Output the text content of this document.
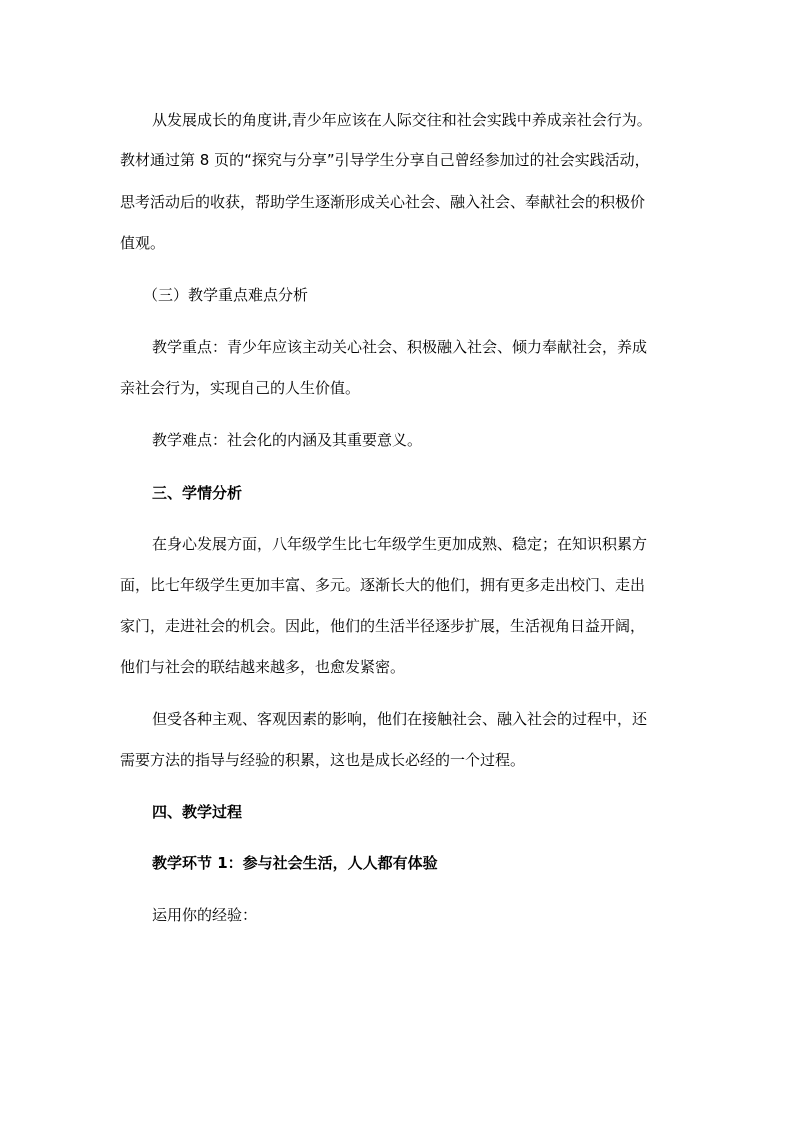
从发展成长的角度讲,青少年应该在人际交往和社会实践中养成亲社会行为。
教材通过第 8 页的“探究与分享”引导学生分享自己曾经参加过的社会实践活动，
思考活动后的收获，帮助学生逐渐形成关心社会、融入社会、奉献社会的积极价
值观。
（三）教学重点难点分析
教学重点：青少年应该主动关心社会、积极融入社会、倾力奉献社会，养成
亲社会行为，实现自己的人生价值。
教学难点：社会化的内涵及其重要意义。
三、学情分析
在身心发展方面，八年级学生比七年级学生更加成熟、稳定；在知识积累方
面，比七年级学生更加丰富、多元。逐渐长大的他们，拥有更多走出校门、走出
家门，走进社会的机会。因此，他们的生活半径逐步扩展，生活视角日益开阔，
他们与社会的联结越来越多，也愈发紧密。
但受各种主观、客观因素的影响，他们在接触社会、融入社会的过程中，还
需要方法的指导与经验的积累，这也是成长必经的一个过程。
四、教学过程
教学环节 1：参与社会生活，人人都有体验
运用你的经验：
